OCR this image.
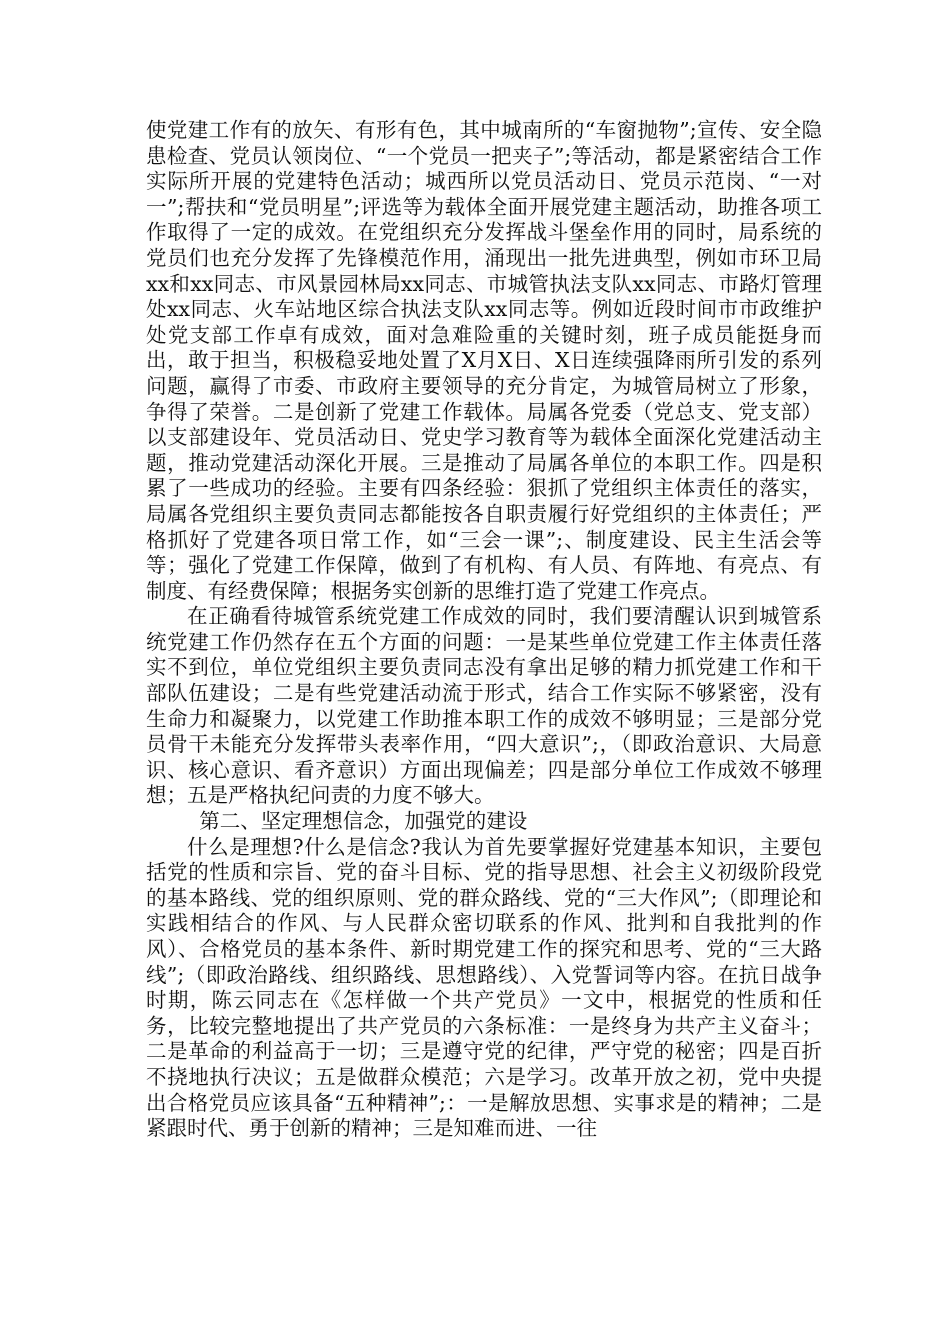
使党建工作有的放矢、有形有色，其中城南所的“车窗抛物”;宣传、安全隐患检查、党员认领岗位、“一个党员一把夹子”;等活动，都是紧密结合工作实际所开展的党建特色活动；城西所以党员活动日、党员示范岗、“一对一”;帮扶和“党员明星”;评选等为载体全面开展党建主题活动，助推各项工作取得了一定的成效。在党组织充分发挥战斗堡垒作用的同时，局系统的党员们也充分发挥了先锋模范作用，涌现出一批先进典型，例如市环卫局xx和xx同志、市风景园林局xx同志、市城管执法支队xx同志、市路灯管理处xx同志、火车站地区综合执法支队xx同志等。例如近段时间市市政维护处党支部工作卓有成效，面对急难险重的关键时刻，班子成员能挺身而出，敢于担当，积极稳妥地处置了X月X日、X日连续强降雨所引发的系列问题，赢得了市委、市政府主要领导的充分肯定，为城管局树立了形象，争得了荣誉。二是创新了党建工作载体。局属各党委（党总支、党支部）以支部建设年、党员活动日、党史学习教育等为载体全面深化党建活动主题，推动党建活动深化开展。三是推动了局属各单位的本职工作。四是积累了一些成功的经验。主要有四条经验：狠抓了党组织主体责任的落实，局属各党组织主要负责同志都能按各自职责履行好党组织的主体责任；严格抓好了党建各项日常工作，如“三会一课”;、制度建设、民主生活会等等；强化了党建工作保障，做到了有机构、有人员、有阵地、有亮点、有制度、有经费保障；根据务实创新的思维打造了党建工作亮点。

在正确看待城管系统党建工作成效的同时，我们要清醒认识到城管系统党建工作仍然存在五个方面的问题：一是某些单位党建工作主体责任落实不到位，单位党组织主要负责同志没有拿出足够的精力抓党建工作和干部队伍建设；二是有些党建活动流于形式，结合工作实际不够紧密，没有生命力和凝聚力，以党建工作助推本职工作的成效不够明显；三是部分党员骨干未能充分发挥带头表率作用，“四大意识”;，（即政治意识、大局意识、核心意识、看齐意识）方面出现偏差；四是部分单位工作成效不够理想；五是严格执纪问责的力度不够大。

第二、坚定理想信念，加强党的建设

什么是理想?什么是信念?我认为首先要掌握好党建基本知识，主要包括党的性质和宗旨、党的奋斗目标、党的指导思想、社会主义初级阶段党的基本路线、党的组织原则、党的群众路线、党的“三大作风”;（即理论和实践相结合的作风、与人民群众密切联系的作风、批判和自我批判的作风）、合格党员的基本条件、新时期党建工作的探究和思考、党的“三大路线”;（即政治路线、组织路线、思想路线）、入党誓词等内容。在抗日战争时期，陈云同志在《怎样做一个共产党员》一文中，根据党的性质和任务，比较完整地提出了共产党员的六条标准：一是终身为共产主义奋斗；二是革命的利益高于一切；三是遵守党的纪律，严守党的秘密；四是百折不挠地执行决议；五是做群众模范；六是学习。改革开放之初，党中央提出合格党员应该具备“五种精神”;：一是解放思想、实事求是的精神；二是紧跟时代、勇于创新的精神；三是知难而进、一往
